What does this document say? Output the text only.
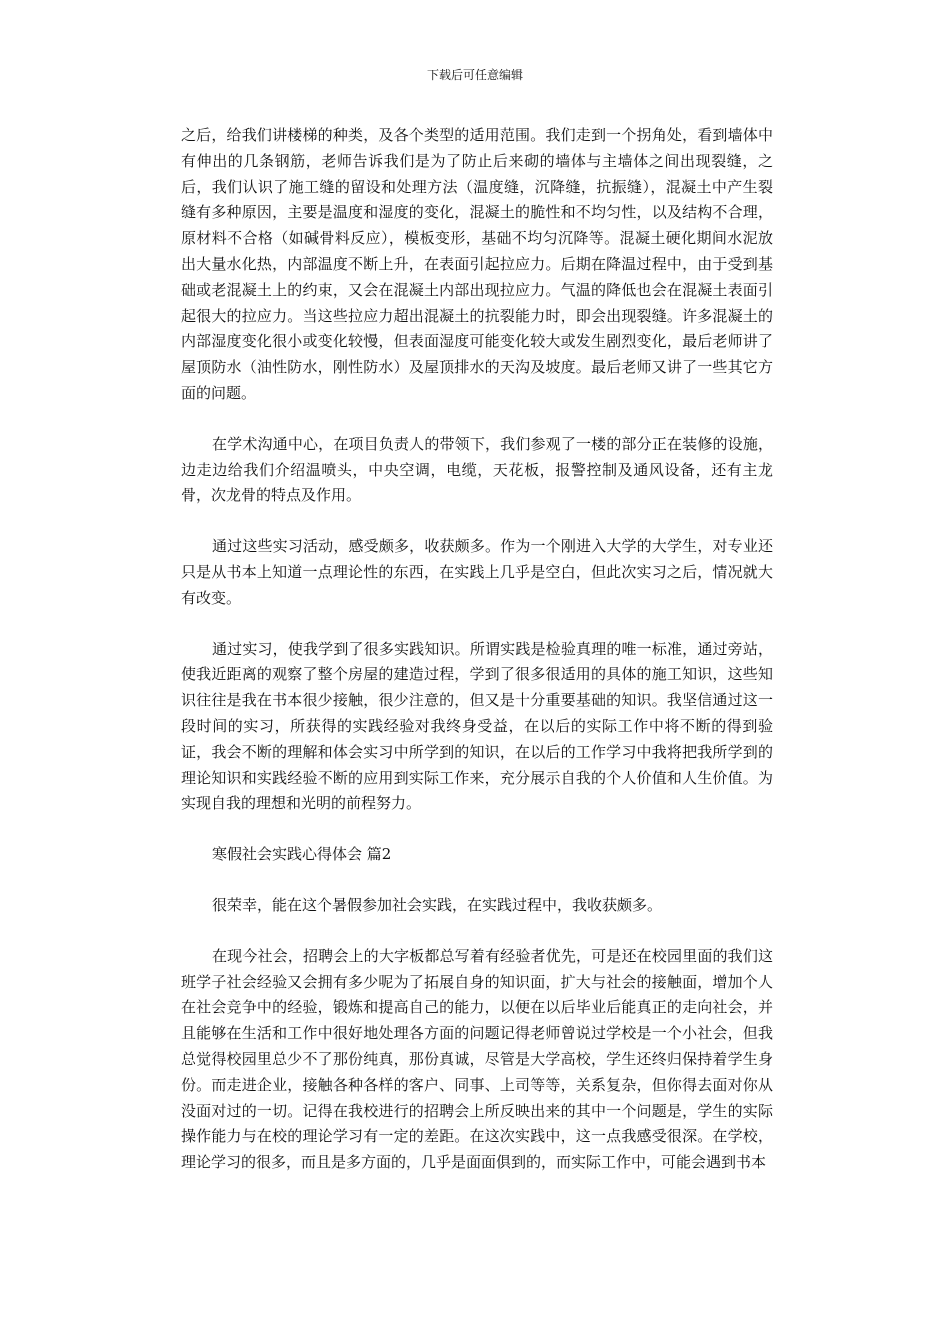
下载后可任意编辑

之后，给我们讲楼梯的种类，及各个类型的适用范围。我们走到一个拐角处，看到墙体中有伸出的几条钢筋，老师告诉我们是为了防止后来砌的墙体与主墙体之间出现裂缝，之后，我们认识了施工缝的留设和处理方法（温度缝，沉降缝，抗振缝），混凝土中产生裂缝有多种原因，主要是温度和湿度的变化，混凝土的脆性和不均匀性，以及结构不合理，原材料不合格（如碱骨料反应），模板变形，基础不均匀沉降等。混凝土硬化期间水泥放出大量水化热，内部温度不断上升，在表面引起拉应力。后期在降温过程中，由于受到基础或老混凝土上的约束，又会在混凝土内部出现拉应力。气温的降低也会在混凝土表面引起很大的拉应力。当这些拉应力超出混凝土的抗裂能力时，即会出现裂缝。许多混凝土的内部湿度变化很小或变化较慢，但表面湿度可能变化较大或发生剧烈变化，最后老师讲了屋顶防水（油性防水，刚性防水）及屋顶排水的天沟及坡度。最后老师又讲了一些其它方面的问题。

在学术沟通中心，在项目负责人的带领下，我们参观了一楼的部分正在装修的设施，边走边给我们介绍温喷头，中央空调，电缆，天花板，报警控制及通风设备，还有主龙骨，次龙骨的特点及作用。

通过这些实习活动，感受颇多，收获颇多。作为一个刚进入大学的大学生，对专业还只是从书本上知道一点理论性的东西，在实践上几乎是空白，但此次实习之后，情况就大有改变。

通过实习，使我学到了很多实践知识。所谓实践是检验真理的唯一标准，通过旁站，使我近距离的观察了整个房屋的建造过程，学到了很多很适用的具体的施工知识，这些知识往往是我在书本很少接触，很少注意的，但又是十分重要基础的知识。我坚信通过这一段时间的实习，所获得的实践经验对我终身受益，在以后的实际工作中将不断的得到验证，我会不断的理解和体会实习中所学到的知识，在以后的工作学习中我将把我所学到的理论知识和实践经验不断的应用到实际工作来，充分展示自我的个人价值和人生价值。为实现自我的理想和光明的前程努力。

寒假社会实践心得体会 篇2

很荣幸，能在这个暑假参加社会实践，在实践过程中，我收获颇多。

在现今社会，招聘会上的大字板都总写着有经验者优先，可是还在校园里面的我们这班学子社会经验又会拥有多少呢为了拓展自身的知识面，扩大与社会的接触面，增加个人在社会竞争中的经验，锻炼和提高自己的能力，以便在以后毕业后能真正的走向社会，并且能够在生活和工作中很好地处理各方面的问题记得老师曾说过学校是一个小社会，但我总觉得校园里总少不了那份纯真，那份真诚，尽管是大学高校，学生还终归保持着学生身份。而走进企业，接触各种各样的客户、同事、上司等等，关系复杂，但你得去面对你从没面对过的一切。记得在我校进行的招聘会上所反映出来的其中一个问题是，学生的实际操作能力与在校的理论学习有一定的差距。在这次实践中，这一点我感受很深。在学校，理论学习的很多，而且是多方面的，几乎是面面俱到的，而实际工作中，可能会遇到书本
